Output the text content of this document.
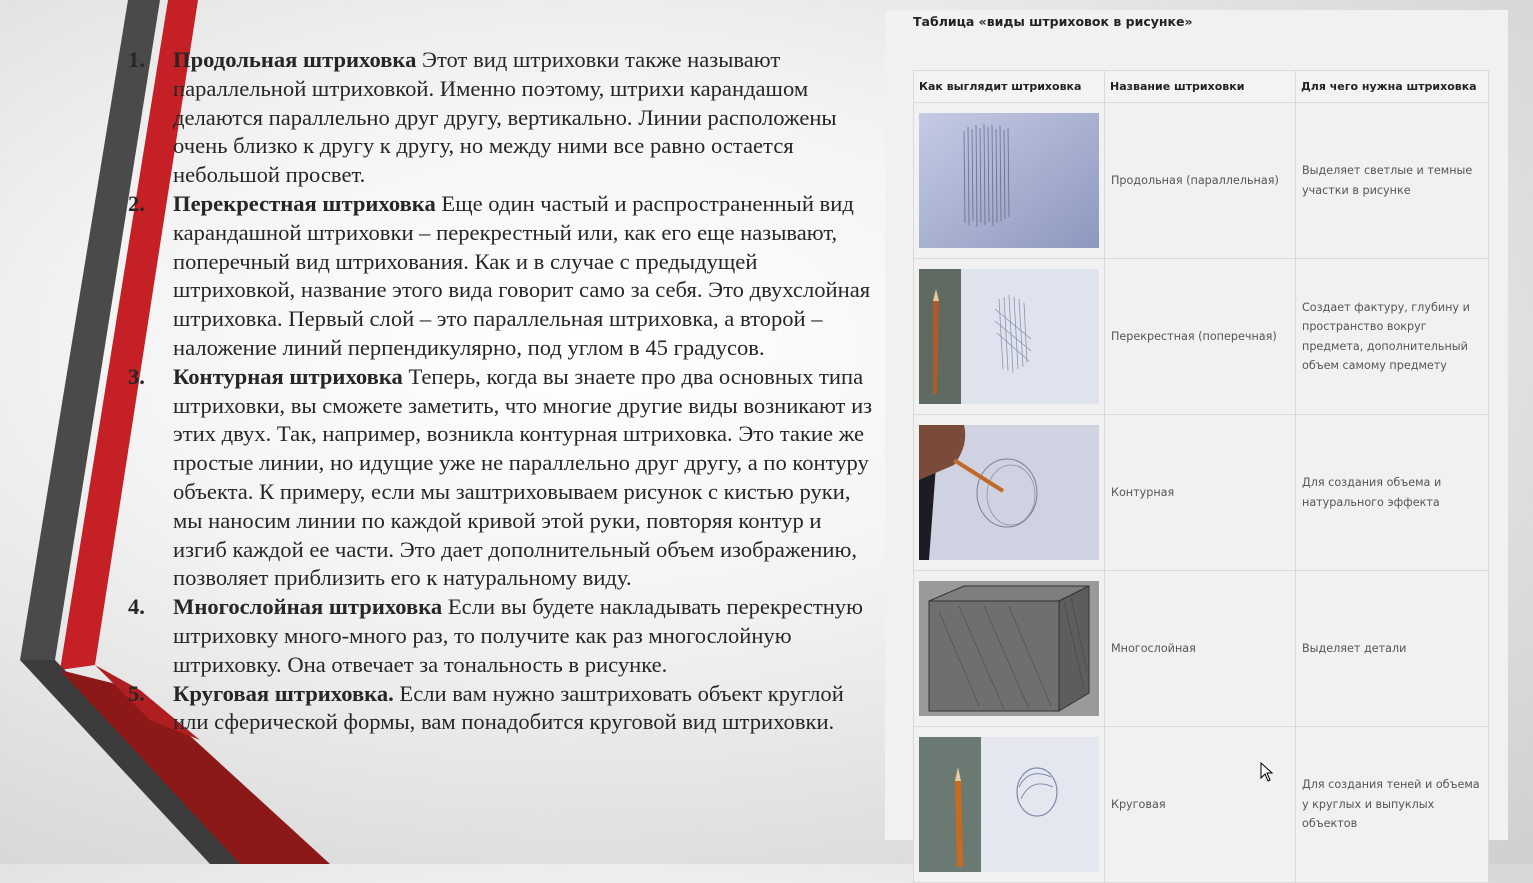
1.	Продольная штриховка Этот вид штриховки также называют параллельной штриховкой. Именно поэтому, штрихи карандашом делаются параллельно друг другу, вертикально. Линии расположены очень близко к другу к другу, но между ними все равно остается небольшой просвет.
2.	Перекрестная штриховка Еще один частый и распространенный вид карандашной штриховки – перекрестный или, как его еще называют, поперечный вид штрихования. Как и в случае с предыдущей штриховкой, название этого вида говорит само за себя. Это двухслойная штриховка. Первый слой – это параллельная штриховка, а второй – наложение линий перпендикулярно, под углом в 45 градусов.
3.	Контурная штриховка Теперь, когда вы знаете про два основных типа штриховки, вы сможете заметить, что многие другие виды возникают из этих двух. Так, например, возникла контурная штриховка. Это такие же простые линии, но идущие уже не параллельно друг другу, а по контуру объекта. К примеру, если мы заштриховываем рисунок с кистью руки, мы наносим линии по каждой кривой этой руки, повторяя контур и изгиб каждой ее части. Это дает дополнительный объем изображению, позволяет приблизить его к натуральному виду.
4.	Многослойная штриховка Если вы будете накладывать перекрестную штриховку много-много раз, то получите как раз многослойную штриховку. Она отвечает за тональность в рисунке.
5.	Круговая штриховка. Если вам нужно заштриховать объект круглой или сферической формы, вам понадобится круговой вид штриховки.
Таблица «виды штриховок в рисунке»
Как выглядит штриховка	Название штриховки	Для чего нужна штриховка

	Продольная (параллельная)	Выделяет светлые и темные участки в рисунке

	Перекрестная (поперечная)	Создает фактуру, глубину и пространство вокруг предмета, дополнительный объем самому предмету

	Контурная	Для создания объема и натурального эффекта

	Многослойная	Выделяет детали

	Круговая	Для создания теней и объема у круглых и выпуклых объектов
